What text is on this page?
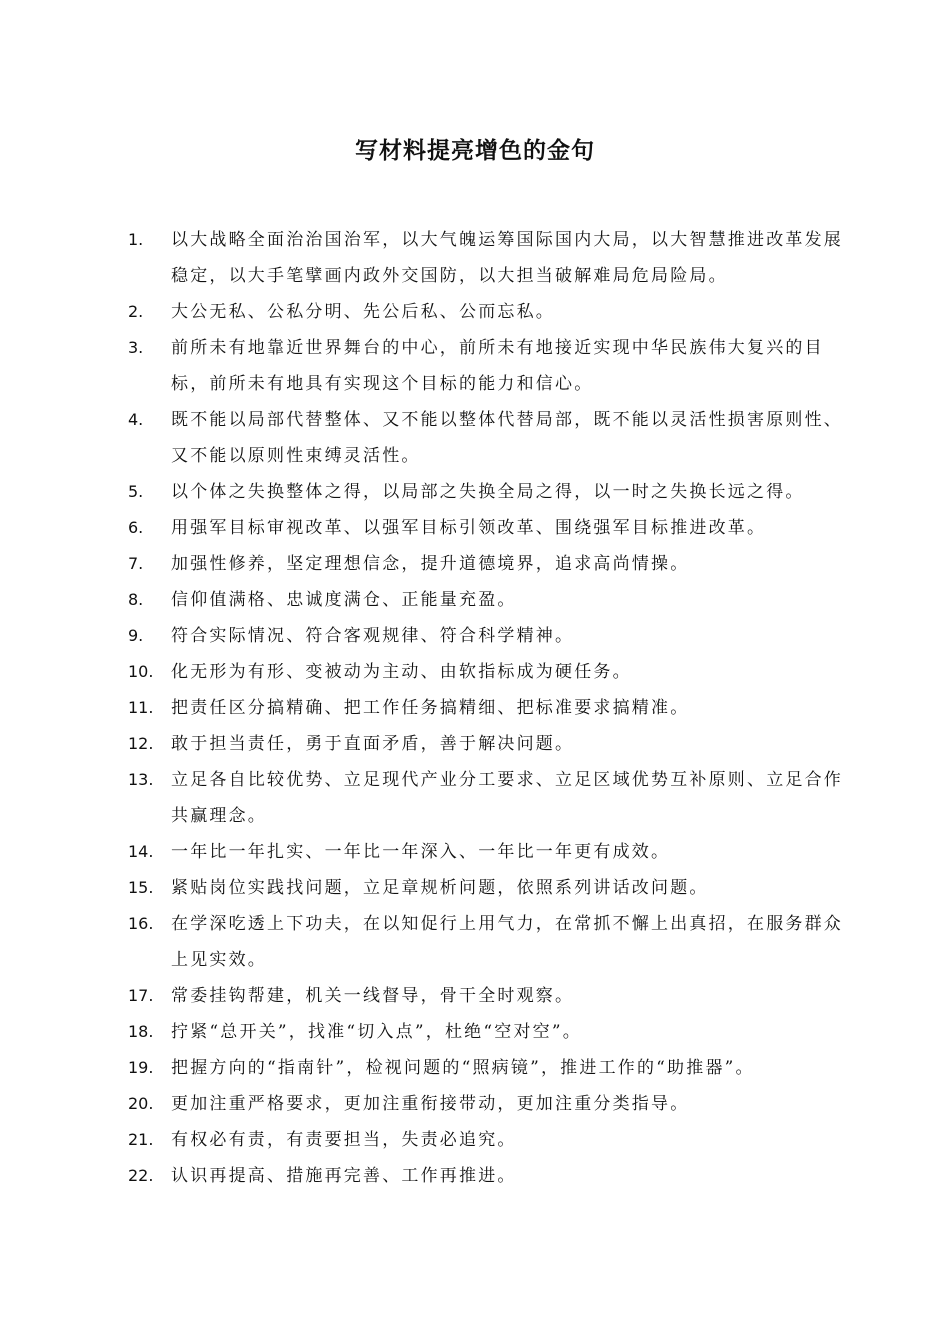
写材料提亮增色的金句
1. 以大战略全面治治国治军，以大气魄运筹国际国内大局，以大智慧推进改革发展稳定，以大手笔擘画内政外交国防，以大担当破解难局危局险局。
2. 大公无私、公私分明、先公后私、公而忘私。
3. 前所未有地靠近世界舞台的中心，前所未有地接近实现中华民族伟大复兴的目标，前所未有地具有实现这个目标的能力和信心。
4. 既不能以局部代替整体、又不能以整体代替局部，既不能以灵活性损害原则性、又不能以原则性束缚灵活性。
5. 以个体之失换整体之得，以局部之失换全局之得，以一时之失换长远之得。
6. 用强军目标审视改革、以强军目标引领改革、围绕强军目标推进改革。
7. 加强性修养，坚定理想信念，提升道德境界，追求高尚情操。
8. 信仰值满格、忠诚度满仓、正能量充盈。
9. 符合实际情况、符合客观规律、符合科学精神。
10. 化无形为有形、变被动为主动、由软指标成为硬任务。
11. 把责任区分搞精确、把工作任务搞精细、把标准要求搞精准。
12. 敢于担当责任，勇于直面矛盾，善于解决问题。
13. 立足各自比较优势、立足现代产业分工要求、立足区域优势互补原则、立足合作共赢理念。
14. 一年比一年扎实、一年比一年深入、一年比一年更有成效。
15. 紧贴岗位实践找问题，立足章规析问题，依照系列讲话改问题。
16. 在学深吃透上下功夫，在以知促行上用气力，在常抓不懈上出真招，在服务群众上见实效。
17. 常委挂钩帮建，机关一线督导，骨干全时观察。
18. 拧紧“总开关”，找准“切入点”，杜绝“空对空”。
19. 把握方向的“指南针”，检视问题的“照病镜”，推进工作的“助推器”。
20. 更加注重严格要求，更加注重衔接带动，更加注重分类指导。
21. 有权必有责，有责要担当，失责必追究。
22. 认识再提高、措施再完善、工作再推进。
